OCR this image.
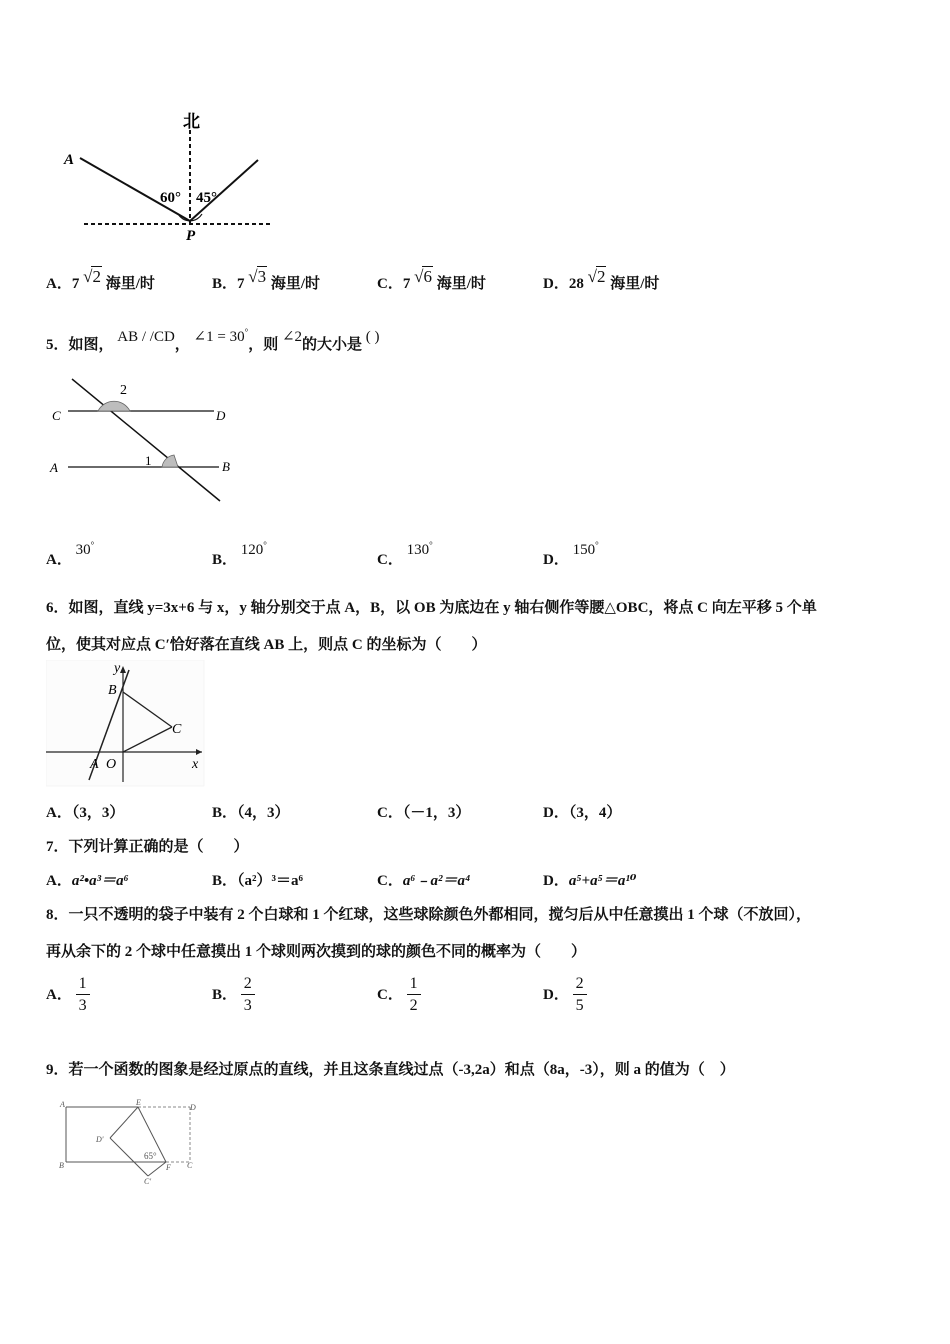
北
A
P
60° 45°
A．7 √2 海里/时	B．7 √3 海里/时	C．7 √6 海里/时	D．28 √2 海里/时
5．如图， AB / /CD， ∠1 = 30°，则 ∠2的大小是 ( )
2
C	D
A	B
1
A． 30°
B． 120°
C． 130°
D． 150°
6．如图，直线 y=3x+6 与 x，y 轴分别交于点 A，B，以 OB 为底边在 y 轴右侧作等腰△OBC，将点 C 向左平移 5 个单
位，使其对应点 C′恰好落在直线 AB 上，则点 C 的坐标为（　　）
y
B
C
A O	x
A．（3，3）	B．（4，3）	C．（－1，3）	D．（3，4）
7．下列计算正确的是（　　）
A．a²•a³＝a⁶	B．（a²）³＝a⁶	C．a⁶﹣a²＝a⁴	D．a⁵+a⁵＝a¹⁰
8．一只不透明的袋子中装有 2 个白球和 1 个红球，这些球除颜色外都相同，搅匀后从中任意摸出 1 个球（不放回），
再从余下的 2 个球中任意摸出 1 个球则两次摸到的球的颜色不同的概率为（　　）
A． $\frac{1}{3}$	B． $\frac{2}{3}$	C． $\frac{1}{2}$	D． $\frac{2}{5}$
9．若一个函数的图象是经过原点的直线，并且这条直线过点（-3,2a）和点（8a，-3），则 a 的值为（　）
A	E
D
D'
B	F C
C'
65°
